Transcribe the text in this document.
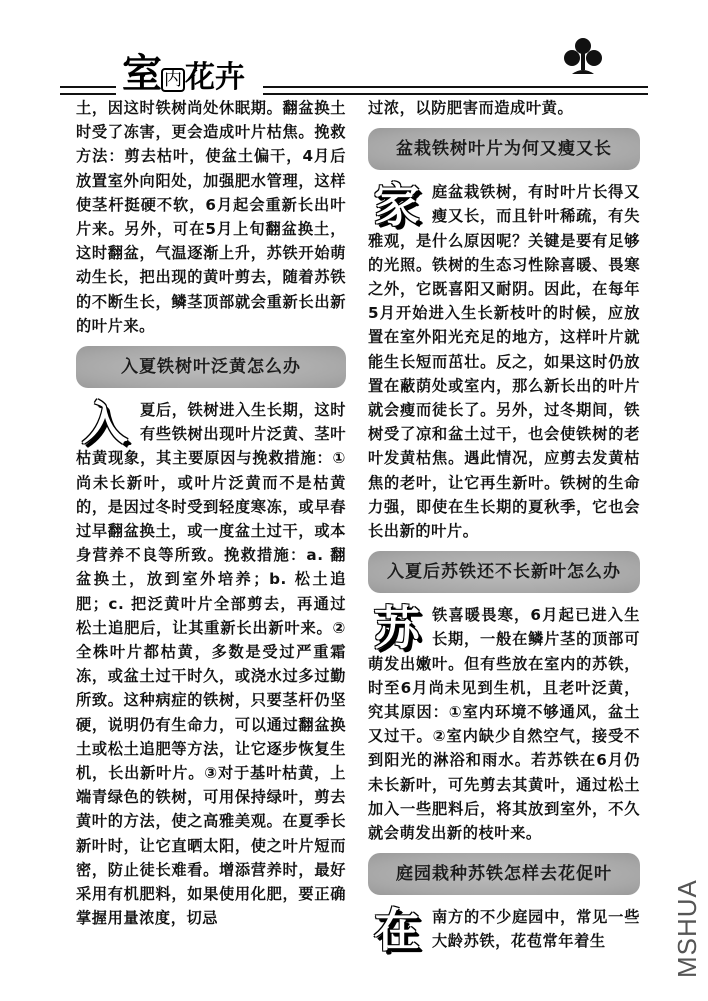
室 内 花卉

土，因这时铁树尚处休眠期。翻盆换土时受了冻害，更会造成叶片枯焦。挽救方法：剪去枯叶，使盆土偏干，4月后放置室外向阳处，加强肥水管理，这样使茎杆挺硬不软，6月起会重新长出叶片来。另外，可在5月上旬翻盆换土，这时翻盆，气温逐渐上升，苏铁开始萌动生长，把出现的黄叶剪去，随着苏铁的不断生长，鳞茎顶部就会重新长出新的叶片来。

入夏铁树叶泛黄怎么办
入 夏后，铁树进入生长期，这时有些铁树出现叶片泛黄、茎叶枯黄现象，其主要原因与挽救措施：①尚未长新叶，或叶片泛黄而不是枯黄的，是因过冬时受到轻度寒冻，或早春过早翻盆换土，或一度盆土过干，或本身营养不良等所致。挽救措施：a. 翻盆换土，放到室外培养；b. 松土追肥；c. 把泛黄叶片全部剪去，再通过松土追肥后，让其重新长出新叶来。②全株叶片都枯黄，多数是受过严重霜冻，或盆土过干时久，或浇水过多过勤所致。这种病症的铁树，只要茎杆仍坚硬，说明仍有生命力，可以通过翻盆换土或松土追肥等方法，让它逐步恢复生机，长出新叶片。③对于基叶枯黄，上端青绿色的铁树，可用保持绿叶，剪去黄叶的方法，使之高雅美观。在夏季长新叶时，让它直晒太阳，使之叶片短而密，防止徒长难看。增添营养时，最好采用有机肥料，如果使用化肥，要正确掌握用量浓度，切忌

过浓，以防肥害而造成叶黄。

盆栽铁树叶片为何又瘦又长
家 庭盆栽铁树，有时叶片长得又瘦又长，而且针叶稀疏，有失雅观，是什么原因呢？关键是要有足够的光照。铁树的生态习性除喜暖、畏寒之外，它既喜阳又耐阴。因此，在每年5月开始进入生长新枝叶的时候，应放置在室外阳光充足的地方，这样叶片就能生长短而茁壮。反之，如果这时仍放置在蔽荫处或室内，那么新长出的叶片就会瘦而徒长了。另外，过冬期间，铁树受了凉和盆土过干，也会使铁树的老叶发黄枯焦。遇此情况，应剪去发黄枯焦的老叶，让它再生新叶。铁树的生命力强，即使在生长期的夏秋季，它也会长出新的叶片。
入夏后苏铁还不长新叶怎么办
苏 铁喜暖畏寒，6月起已进入生长期，一般在鳞片茎的顶部可萌发出嫩叶。但有些放在室内的苏铁，时至6月尚未见到生机，且老叶泛黄，究其原因：①室内环境不够通风，盆土又过干。②室内缺少自然空气，接受不到阳光的淋浴和雨水。若苏铁在6月仍未长新叶，可先剪去其黄叶，通过松土加入一些肥料后，将其放到室外，不久就会萌发出新的枝叶来。
庭园栽种苏铁怎样去花促叶
在 南方的不少庭园中，常见一些大龄苏铁，花苞常年着生	MSHUA
